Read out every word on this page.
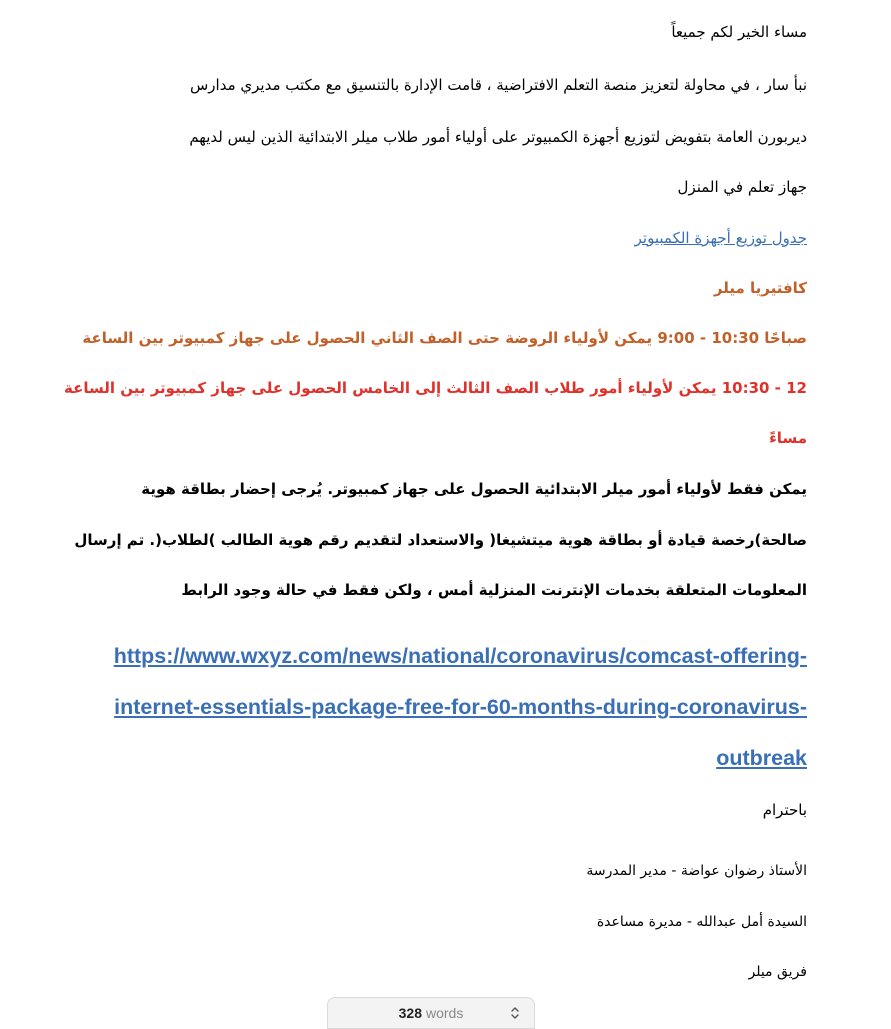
مساء الخير لكم جميعاً
نبأ سار ، في محاولة لتعزيز منصة التعلم الافتراضية ، قامت الإدارة بالتنسيق مع مكتب مديري مدارس
ديربورن العامة بتفويض لتوزيع أجهزة الكمبيوتر على أولياء أمور طلاب ميلر الابتدائية الذين ليس لديهم
جهاز تعلم في المنزل
جدول توزيع أجهزة الكمبيوتر
كافتيريا ميلر
صباحًا 10:30 - 9:00 يمكن لأولياء الروضة حتى الصف الثاني الحصول على جهاز كمبيوتر بين الساعة
12 - 10:30 يمكن لأولياء أمور طلاب الصف الثالث إلى الخامس الحصول على جهاز كمبيوتر بين الساعة
مساءً
يمكن فقط لأولياء أمور ميلر الابتدائية الحصول على جهاز كمبيوتر. يُرجى إحضار بطاقة هوية
صالحة)رخصة قيادة أو بطاقة هوية ميتشيغا( والاستعداد لتقديم رقم هوية الطالب )لطلاب(. تم إرسال
المعلومات المتعلقة بخدمات الإنترنت المنزلية أمس ، ولكن فقط في حالة وجود الرابط
https://www.wxyz.com/news/national/coronavirus/comcast-offering-
internet-essentials-package-free-for-60-months-during-coronavirus-
outbreak
باحترام
الأستاذ رضوان عواضة - مدير المدرسة
السيدة أمل عبدالله - مديرة مساعدة
فريق ميلر
328 words
